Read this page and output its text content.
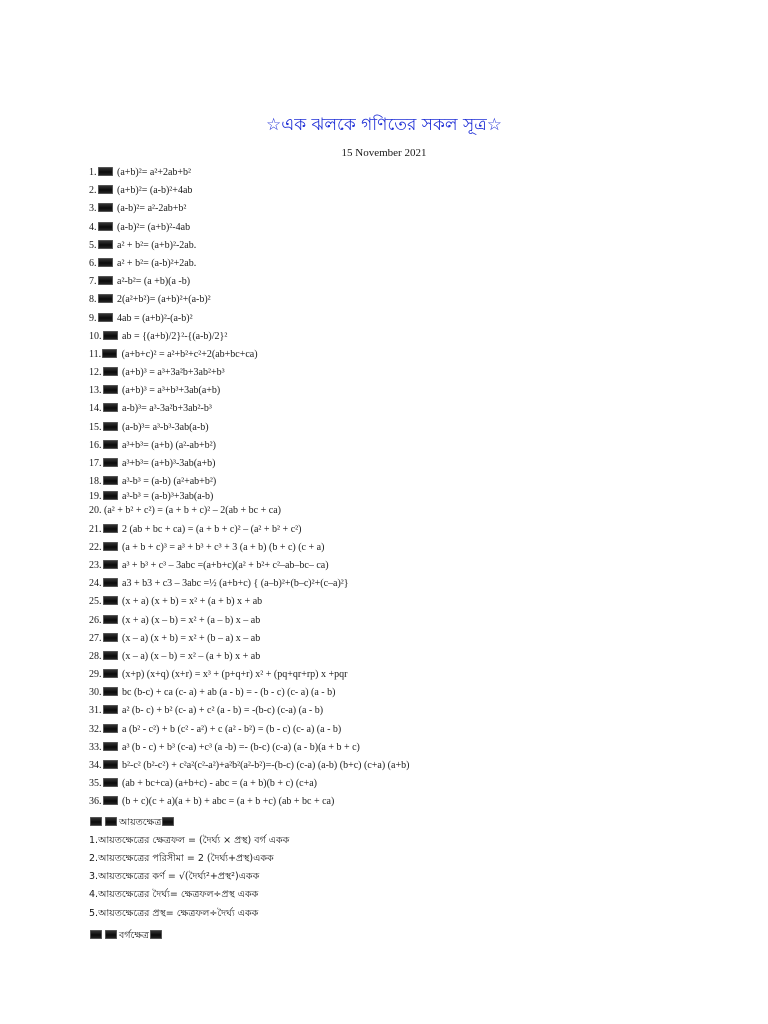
☆এক ঝলকে গণিতের সকল সূত্র☆
15 November 2021
1. (a+b)²= a²+2ab+b²
2. (a+b)²= (a-b)²+4ab
3. (a-b)²= a²-2ab+b²
4. (a-b)²= (a+b)²-4ab
5. a² + b²= (a+b)²-2ab.
6. a² + b²= (a-b)²+2ab.
7. a²-b²= (a +b)(a -b)
8. 2(a²+b²)= (a+b)²+(a-b)²
9. 4ab = (a+b)²-(a-b)²
10. ab = {(a+b)/2}²-{(a-b)/2}²
11. (a+b+c)² = a²+b²+c²+2(ab+bc+ca)
12. (a+b)³ = a³+3a²b+3ab²+b³
13. (a+b)³ = a³+b³+3ab(a+b)
14. a-b)³= a³-3a²b+3ab²-b³
15. (a-b)³= a³-b³-3ab(a-b)
16. a³+b³= (a+b) (a²-ab+b²)
17. a³+b³= (a+b)³-3ab(a+b)
18. a³-b³ = (a-b) (a²+ab+b²)
19. a³-b³ = (a-b)³+3ab(a-b)
20. (a² + b² + c²) = (a + b + c)² – 2(ab + bc + ca)
21. 2 (ab + bc + ca) = (a + b + c)² – (a² + b² + c²)
22. (a + b + c)³ = a³ + b³ + c³ + 3 (a + b) (b + c) (c + a)
23. a³ + b³ + c³ – 3abc =(a+b+c)(a² + b²+ c²–ab–bc– ca)
24. a3 + b3 + c3 – 3abc =½ (a+b+c) { (a–b)²+(b–c)²+(c–a)²}
25. (x + a) (x + b) = x² + (a + b) x + ab
26. (x + a) (x – b) = x² + (a – b) x – ab
27. (x – a) (x + b) = x² + (b – a) x – ab
28. (x – a) (x – b) = x² – (a + b) x + ab
29. (x+p) (x+q) (x+r) = x³ + (p+q+r) x² + (pq+qr+rp) x +pqr
30. bc (b-c) + ca (c- a) + ab (a - b) = - (b - c) (c- a) (a - b)
31. a² (b- c) + b² (c- a) + c² (a - b) = -(b-c) (c-a) (a - b)
32. a (b² - c²) + b (c² - a²) + c (a² - b²) = (b - c) (c- a) (a - b)
33. a³ (b - c) + b³ (c-a) +c³ (a -b) =- (b-c) (c-a) (a - b)(a + b + c)
34. b²-c² (b²-c²) + c²a²(c²-a²)+a²b²(a²-b²)=-(b-c) (c-a) (a-b) (b+c) (c+a) (a+b)
35. (ab + bc+ca) (a+b+c) - abc = (a + b)(b + c) (c+a)
36. (b + c)(c + a)(a + b) + abc = (a + b +c) (ab + bc + ca)
আয়তক্ষেত্র
1.আয়তক্ষেত্রের ক্ষেত্রফল = (দৈর্ঘ্য × প্রস্থ) বর্গ একক
2.আয়তক্ষেত্রের পরিসীমা = 2 (দৈর্ঘ্য+প্রস্থ)একক
3.আয়তক্ষেত্রের কর্ণ = √(দৈর্ঘ্য²+প্রস্থ²)একক
4.আয়তক্ষেত্রের দৈর্ঘ্য= ক্ষেত্রফল÷প্রস্থ একক
5.আয়তক্ষেত্রের প্রস্থ= ক্ষেত্রফল÷দৈর্ঘ্য একক
বর্গক্ষেত্র
